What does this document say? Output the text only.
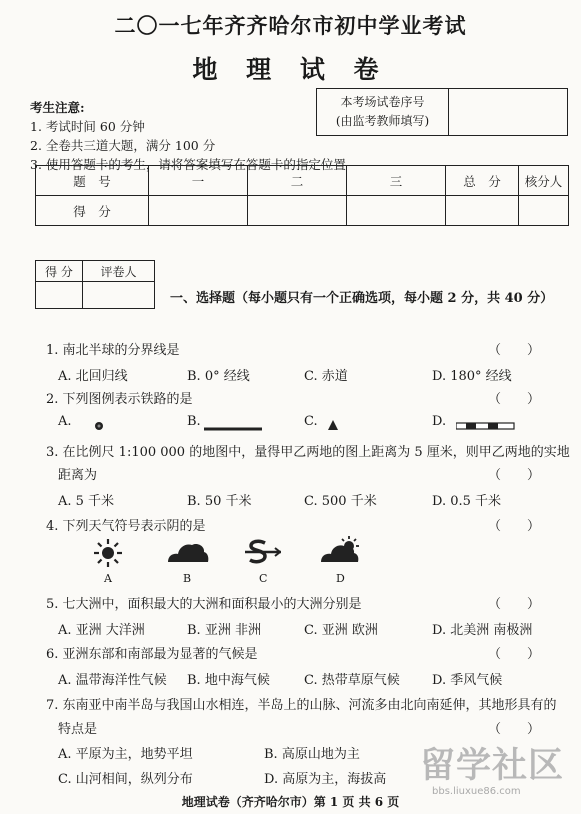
二〇一七年齐齐哈尔市初中学业考试
地 理 试 卷
考生注意:
1. 考试时间 60 分钟
2. 全卷共三道大题，满分 100 分
3. 使用答题卡的考生，请将答案填写在答题卡的指定位置
本考场试卷序号
(由监考教师填写)
题　号	一	二	三	总　分	核分人
得　分					
得 分	评卷人

一、选择题（每小题只有一个正确选项，每小题 2 分，共 40 分）
1. 南北半球的分界线是	（　　）
A. 北回归线	B. 0° 经线	C. 赤道	D. 180° 经线
2. 下列图例表示铁路的是	（　　）
A.	B.	C.	D.
3. 在比例尺 1:100 000 的地图中，量得甲乙两地的图上距离为 5 厘米，则甲乙两地的实地
距离为	（　　）
A. 5 千米	B. 50 千米	C. 500 千米	D. 0.5 千米
4. 下列天气符号表示阴的是	（　　）
A	B	C	D
5. 七大洲中，面积最大的大洲和面积最小的大洲分别是	（　　）
A. 亚洲 大洋洲	B. 亚洲 非洲	C. 亚洲 欧洲	D. 北美洲 南极洲
6. 亚洲东部和南部最为显著的气候是	（　　）
A. 温带海洋性气候 B. 地中海气候	C. 热带草原气候 D. 季风气候
7. 东南亚中南半岛与我国山水相连，半岛上的山脉、河流多由北向南延伸，其地形具有的
特点是	（　　）
A. 平原为主，地势平坦	B. 高原山地为主
C. 山河相间，纵列分布	D. 高原为主，海拔高 留学社区
bbs.liuxue86.com
地理试卷（齐齐哈尔市）第 1 页 共 6 页
